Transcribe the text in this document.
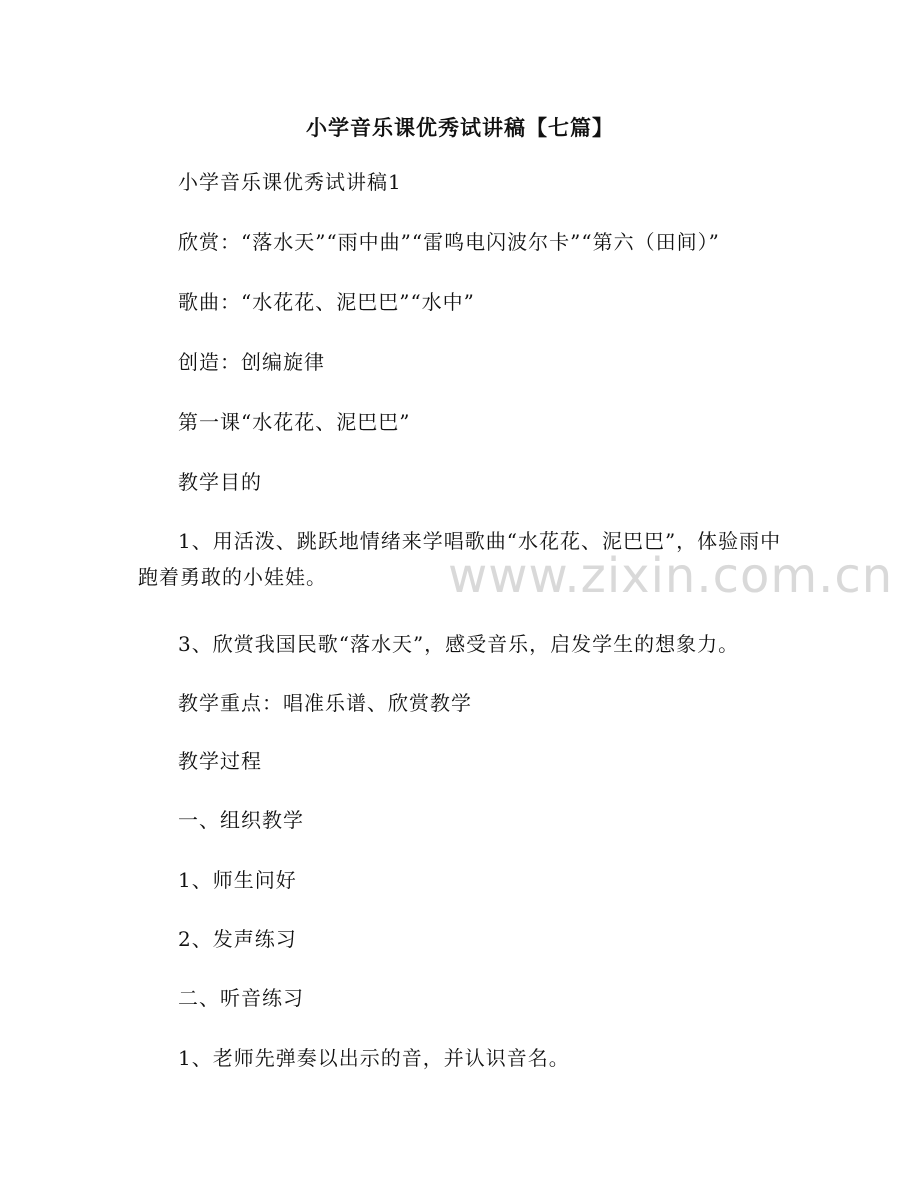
小学音乐课优秀试讲稿【七篇】
小学音乐课优秀试讲稿1
欣赏：“落水天”“雨中曲”“雷鸣电闪波尔卡”“第六（田间）”
歌曲：“水花花、泥巴巴”“水中”
创造：创编旋律
第一课“水花花、泥巴巴”
教学目的
1、用活泼、跳跃地情绪来学唱歌曲“水花花、泥巴巴”，体验雨中跑着勇敢的小娃娃。
3、欣赏我国民歌“落水天”，感受音乐，启发学生的想象力。
教学重点：唱准乐谱、欣赏教学
教学过程
一、组织教学
1、师生问好
2、发声练习
二、听音练习
1、老师先弹奏以出示的音，并认识音名。
www.zixin.com.cn
